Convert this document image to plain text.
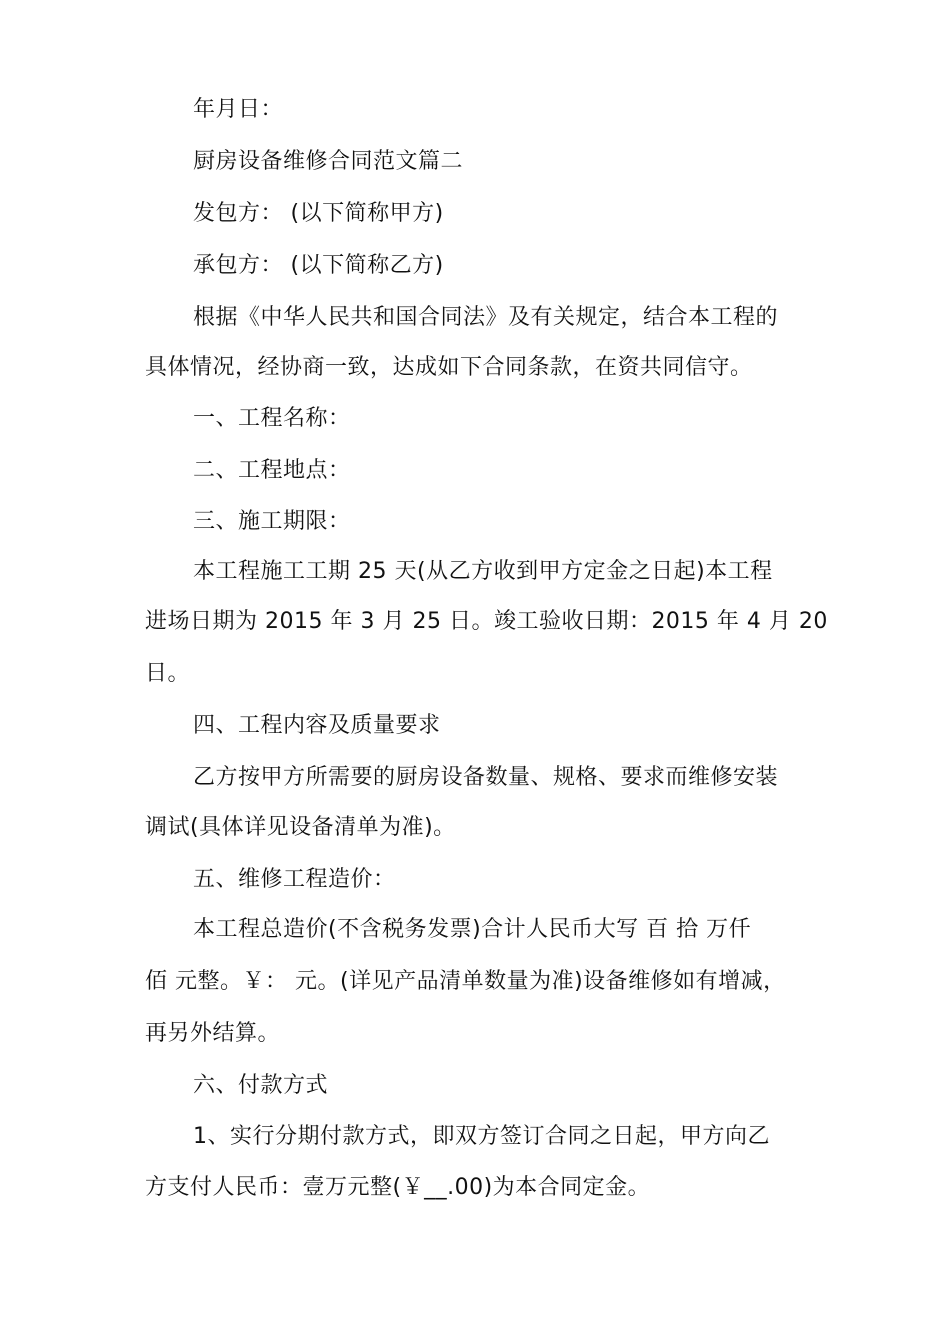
年月日：
厨房设备维修合同范文篇二
发包方： (以下简称甲方)
承包方： (以下简称乙方)
根据《中华人民共和国合同法》及有关规定，结合本工程的
具体情况，经协商一致，达成如下合同条款，在资共同信守。
一、工程名称：
二、工程地点：
三、施工期限：
本工程施工工期 25 天(从乙方收到甲方定金之日起)本工程
进场日期为 2015 年 3 月 25 日。竣工验收日期：2015 年 4 月 20
日。
四、工程内容及质量要求
乙方按甲方所需要的厨房设备数量、规格、要求而维修安装
调试(具体详见设备清单为准)。
五、维修工程造价：
本工程总造价(不含税务发票)合计人民币大写 百 拾 万仟
佰 元整。￥： 元。(详见产品清单数量为准)设备维修如有增减，
再另外结算。
六、付款方式
1、实行分期付款方式，即双方签订合同之日起，甲方向乙
方支付人民币：壹万元整(￥__.00)为本合同定金。
